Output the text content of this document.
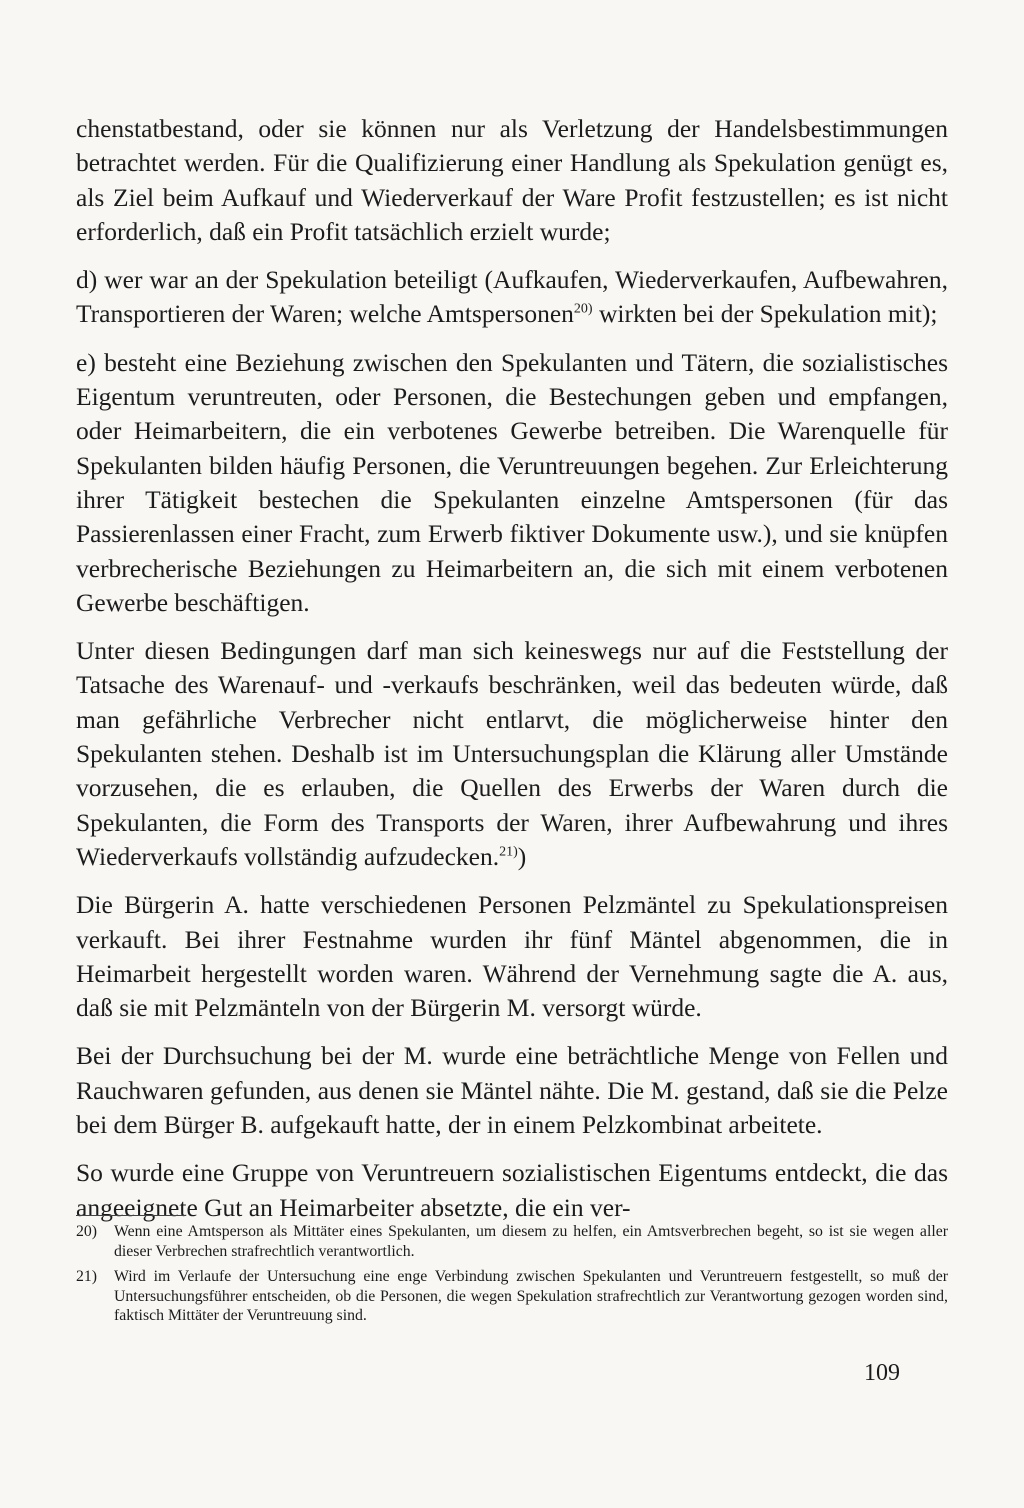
chenstatbestand, oder sie können nur als Verletzung der Handelsbestimmungen betrachtet werden. Für die Qualifizierung einer Handlung als Spekulation genügt es, als Ziel beim Aufkauf und Wiederverkauf der Ware Profit festzustellen; es ist nicht erforderlich, daß ein Profit tatsächlich erzielt wurde;

d) wer war an der Spekulation beteiligt (Aufkaufen, Wiederverkaufen, Aufbewahren, Transportieren der Waren; welche Amtspersonen$^{20)}$ wirkten bei der Spekulation mit);

e) besteht eine Beziehung zwischen den Spekulanten und Tätern, die sozialistisches Eigentum veruntreuten, oder Personen, die Bestechungen geben und empfangen, oder Heimarbeitern, die ein verbotenes Gewerbe betreiben. Die Warenquelle für Spekulanten bilden häufig Personen, die Veruntreuungen begehen. Zur Erleichterung ihrer Tätigkeit bestechen die Spekulanten einzelne Amtspersonen (für das Passierenlassen einer Fracht, zum Erwerb fiktiver Dokumente usw.), und sie knüpfen verbrecherische Beziehungen zu Heimarbeitern an, die sich mit einem verbotenen Gewerbe beschäftigen.

Unter diesen Bedingungen darf man sich keineswegs nur auf die Feststellung der Tatsache des Warenauf- und -verkaufs beschränken, weil das bedeuten würde, daß man gefährliche Verbrecher nicht entlarvt, die möglicherweise hinter den Spekulanten stehen. Deshalb ist im Untersuchungsplan die Klärung aller Umstände vorzusehen, die es erlauben, die Quellen des Erwerbs der Waren durch die Spekulanten, die Form des Transports der Waren, ihrer Aufbewahrung und ihres Wiederverkaufs vollständig aufzudecken.$^{21)}$)

Die Bürgerin A. hatte verschiedenen Personen Pelzmäntel zu Spekulationspreisen verkauft. Bei ihrer Festnahme wurden ihr fünf Mäntel abgenommen, die in Heimarbeit hergestellt worden waren. Während der Vernehmung sagte die A. aus, daß sie mit Pelzmänteln von der Bürgerin M. versorgt würde.

Bei der Durchsuchung bei der M. wurde eine beträchtliche Menge von Fellen und Rauchwaren gefunden, aus denen sie Mäntel nähte. Die M. gestand, daß sie die Pelze bei dem Bürger B. aufgekauft hatte, der in einem Pelzkombinat arbeitete.

So wurde eine Gruppe von Veruntreuern sozialistischen Eigentums entdeckt, die das angeeignete Gut an Heimarbeiter absetzte, die ein ver-

20)	Wenn eine Amtsperson als Mittäter eines Spekulanten, um diesem zu helfen, ein Amtsverbrechen begeht, so ist sie wegen aller dieser Verbrechen strafrechtlich verantwortlich.
21)	Wird im Verlaufe der Untersuchung eine enge Verbindung zwischen Spekulanten und Veruntreuern festgestellt, so muß der Untersuchungsführer entscheiden, ob die Personen, die wegen Spekulation strafrechtlich zur Verantwortung gezogen worden sind, faktisch Mittäter der Veruntreuung sind.
109
